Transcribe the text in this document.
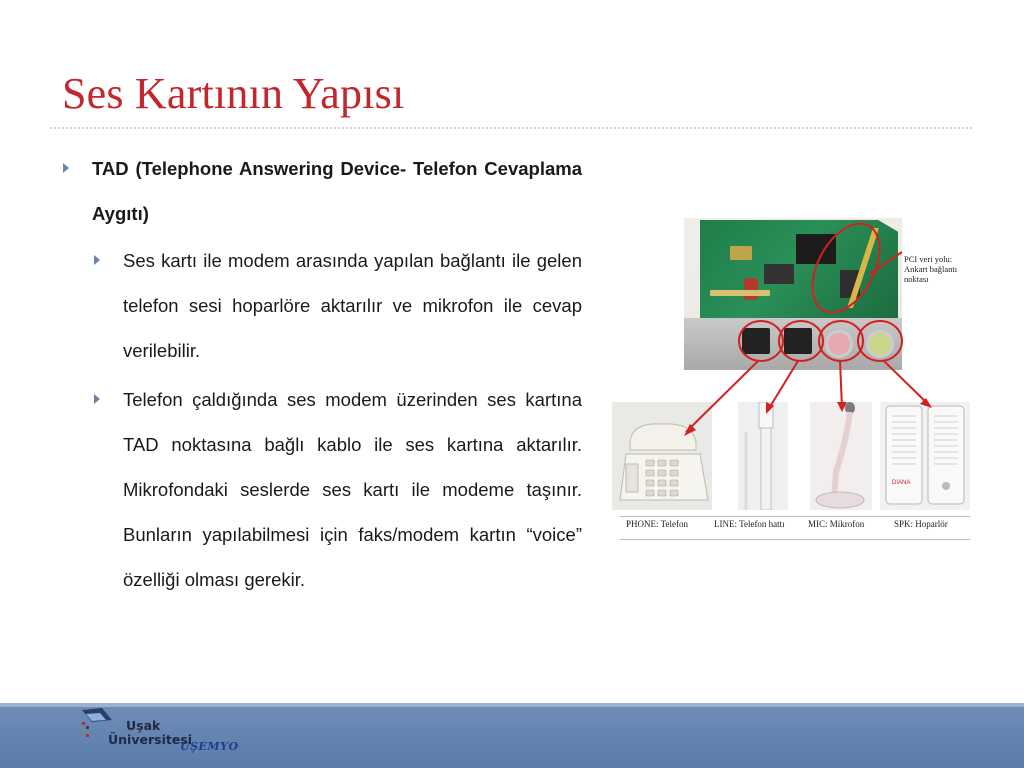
Ses Kartının Yapısı
TAD (Telephone Answering Device- Telefon Cevaplama Aygıtı)
Ses kartı ile modem arasında yapılan bağlantı ile gelen telefon sesi hoparlöre aktarılır ve mikrofon ile cevap verilebilir.
Telefon çaldığında ses modem üzerinden ses kartına TAD noktasına bağlı kablo ile ses kartına aktarılır. Mikrofondaki seslerde ses kartı ile modeme taşınır. Bunların yapılabilmesi için faks/modem kartın “voice” özelliği olması gerekir.
PCI veri yolu: Ankart bağlantı noktası
DIANA
PHONE: Telefon	LINE: Telefon hattı	MIC: Mikrofon	SPK: Hoparlör
Uşak
Üniversitesi
UŞEMYO
